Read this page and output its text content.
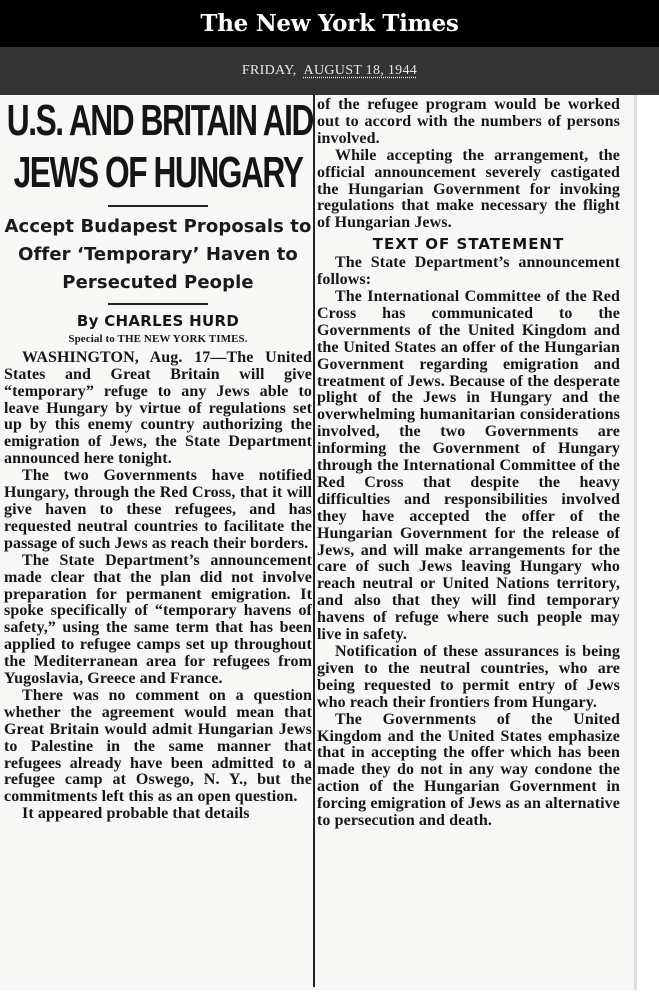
The New York Times
FRIDAY, AUGUST 18, 1944
U.S. AND BRITAIN AID
JEWS OF HUNGARY
Accept Budapest Proposals to
Offer ‘Temporary’ Haven to
Persecuted People
By CHARLES HURD
Special to THE NEW YORK TIMES.

WASHINGTON, Aug. 17—The United States and Great Britain will give “temporary” refuge to any Jews able to leave Hungary by virtue of regulations set up by this enemy country authorizing the emigration of Jews, the State Department announced here tonight.

The two Governments have notified Hungary, through the Red Cross, that it will give haven to these refugees, and has requested neutral countries to facilitate the passage of such Jews as reach their borders.

The State Department’s announcement made clear that the plan did not involve preparation for permanent emigration. It spoke specifically of “temporary havens of safety,” using the same term that has been applied to refugee camps set up throughout the Mediterranean area for refugees from Yugoslavia, Greece and France.

There was no comment on a question whether the agreement would mean that Great Britain would admit Hungarian Jews to Palestine in the same manner that refugees already have been admitted to a refugee camp at Oswego, N. Y., but the commitments left this as an open question.

It appeared probable that details

of the refugee program would be worked out to accord with the numbers of persons involved.

While accepting the arrangement, the official announcement severely castigated the Hungarian Government for invoking regulations that make necessary the flight of Hungarian Jews.

TEXT OF STATEMENT

The State Department’s announcement follows:

The International Committee of the Red Cross has communicated to the Governments of the United Kingdom and the United States an offer of the Hungarian Government regarding emigration and treatment of Jews. Because of the desperate plight of the Jews in Hungary and the overwhelming humanitarian considerations involved, the two Governments are informing the Government of Hungary through the International Committee of the Red Cross that despite the heavy difficulties and responsibilities involved they have accepted the offer of the Hungarian Government for the release of Jews, and will make arrangements for the care of such Jews leaving Hungary who reach neutral or United Nations territory, and also that they will find temporary havens of refuge where such people may live in safety.

Notification of these assurances is being given to the neutral countries, who are being requested to permit entry of Jews who reach their frontiers from Hungary.

The Governments of the United Kingdom and the United States emphasize that in accepting the offer which has been made they do not in any way condone the action of the Hungarian Government in forcing emigration of Jews as an alternative to persecution and death.
